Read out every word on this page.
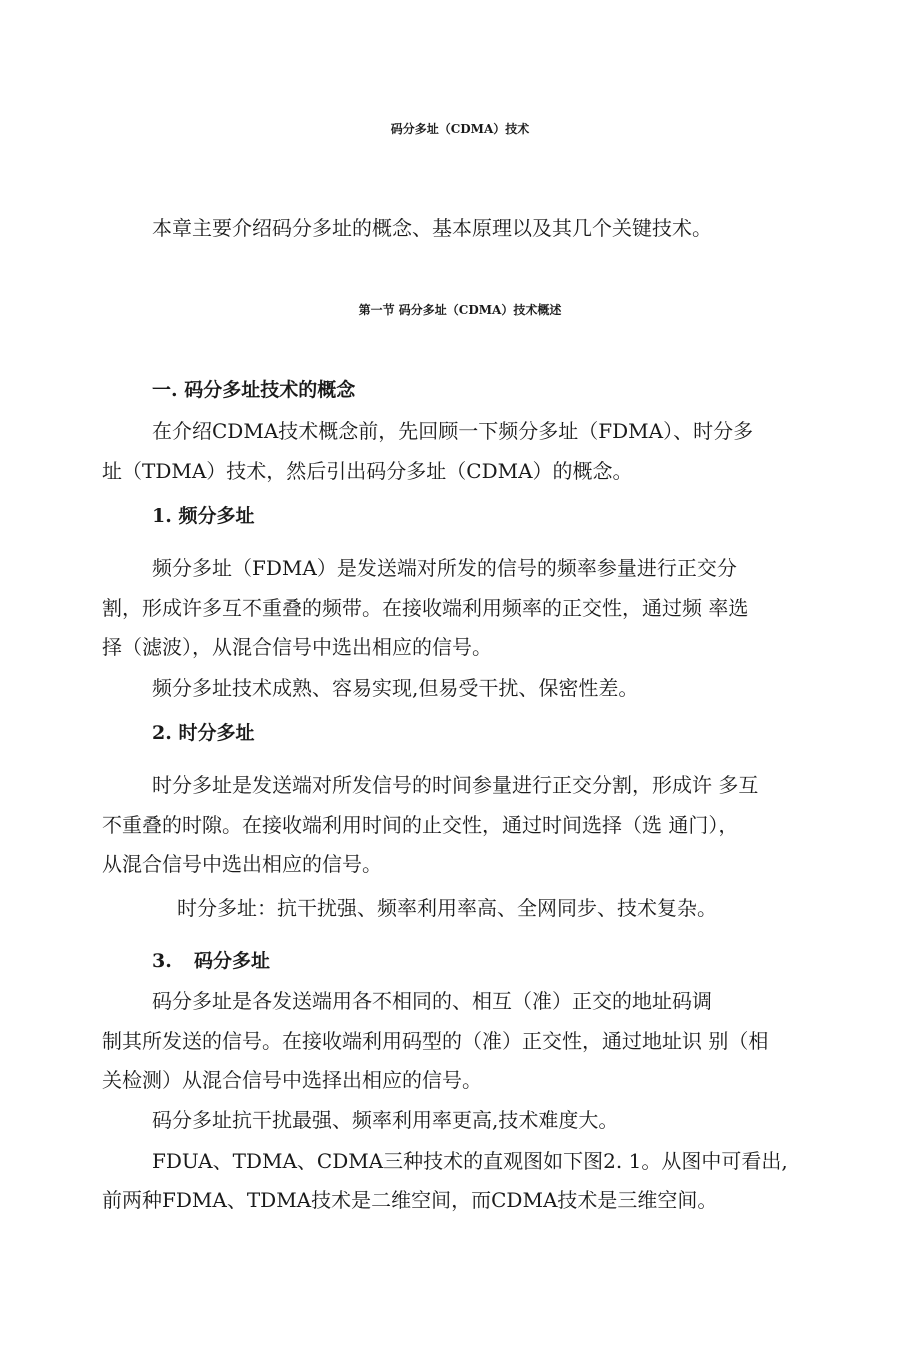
码分多址（CDMA）技术
本章主要介绍码分多址的概念、基本原理以及其几个关键技术。
第一节 码分多址（CDMA）技术概述
一. 码分多址技术的概念
在介绍CDMA技术概念前，先回顾一下频分多址（FDMA）、时分多
址（TDMA）技术，然后引出码分多址（CDMA）的概念。
1. 频分多址
频分多址（FDMA）是发送端对所发的信号的频率参量进行正交分
割，形成许多互不重叠的频带。在接收端利用频率的正交性，通过频 率选
择（滤波），从混合信号中选出相应的信号。
频分多址技术成熟、容易实现,但易受干扰、保密性差。
2. 时分多址
时分多址是发送端对所发信号的时间参量进行正交分割，形成许 多互
不重叠的时隙。在接收端利用时间的止交性，通过时间选择（选 通门），
从混合信号中选出相应的信号。
时分多址：抗干扰强、频率利用率高、全网同步、技术复杂。
3. 码分多址
码分多址是各发送端用各不相同的、相互（准）正交的地址码调
制其所发送的信号。在接收端利用码型的（准）正交性，通过地址识 别（相
关检测）从混合信号中选择出相应的信号。
码分多址抗干扰最强、频率利用率更高,技术难度大。
FDUA、TDMA、CDMA三种技术的直观图如下图2. 1。从图中可看出,
前两种FDMA、TDMA技术是二维空间，而CDMA技术是三维空间。
